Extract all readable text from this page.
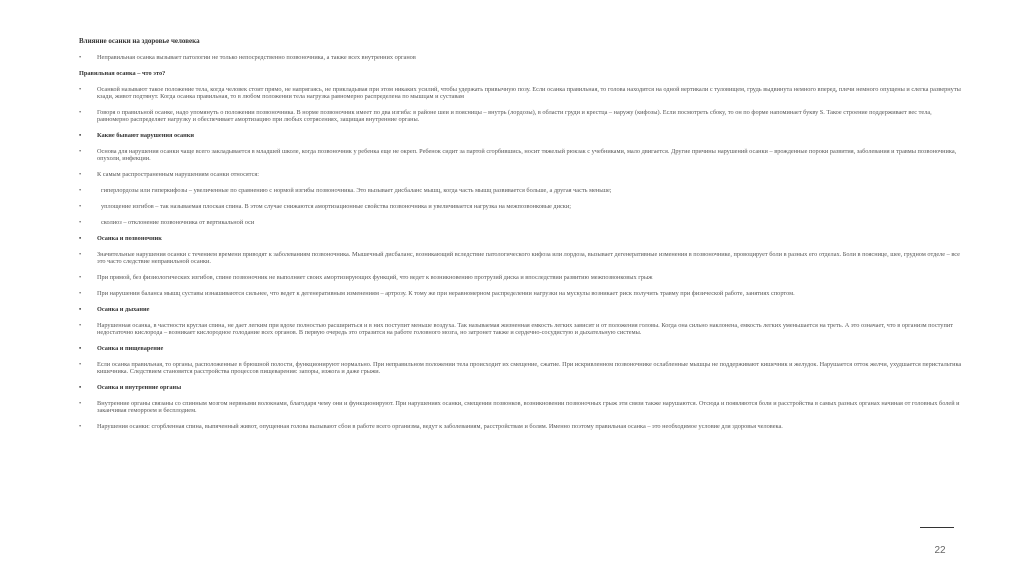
Влияние осанки на здоровье человека
•	Неправильная осанка вызывает патологии не только непосредственно позвоночника, а также всех внутренних органов
Правильная осанка – что это?
•	Осанкой называют такое положение тела, когда человек стоит прямо, не напрягаясь, не прикладывая при этом никаких усилий, чтобы удержать привычную позу. Если осанка правильная, то голова находится на одной вертикали с туловищем, грудь выдвинута немного вперед, плечи немного опущены и слегка развернуты кзади, живот подтянут. Когда осанка правильная, то в любом положении тела нагрузка равномерно распределена по мышцам и суставам
•	Говоря о правильной осанке, надо упомянуть о положении позвоночника. В норме позвоночник имеет по два изгиба: в районе шеи и поясницы – внутрь (лордозы), в области груди и крестца – наружу (кифозы). Если посмотреть сбоку, то он по форме напоминает букву S. Такое строение поддерживает вес тела, равномерно распределяет нагрузку и обеспечивает амортизацию при любых сотрясениях, защищая внутренние органы.
•	Какие бывают нарушения осанки
•	Основа для нарушения осанки чаще всего закладывается в младшей школе, когда позвоночник у ребенка еще не окреп. Ребенок сидит за партой сгорбившись, носит тяжелый рюкзак с учебниками, мало двигается. Другие причины нарушений осанки – врожденные пороки развития, заболевания и травмы позвоночника, опухоли, инфекции.
•	К самым распространенным нарушениям осанки относятся:
•	гиперлордозы или гиперкифозы – увеличенные по сравнению с нормой изгибы позвоночника. Это вызывает дисбаланс мышц, когда часть мышц развивается больше, а другая часть меньше;
•	уплощение изгибов – так называемая плоская спина. В этом случае снижаются амортизационные свойства позвоночника и увеличивается нагрузка на межпозвонковые диски;
•	сколиоз – отклонение позвоночника от вертикальной оси
•	Осанка и позвоночник
•	Значительные нарушения осанки с течением времени приводят к заболеваниям позвоночника. Мышечный дисбаланс, возникающий вследствие патологического кифоза или лордоза, вызывает дегенеративные изменения в позвоночнике, провоцирует боли в разных его отделах. Боли в пояснице, шее, грудном отделе – все это часто следствие неправильной осанки.
•	При прямой, без физиологических изгибов, спине позвоночник не выполняет своих амортизирующих функций, что ведет к возникновению протрузий диска и впоследствии развитию межпозвонковых грыж
•	При нарушении баланса мышц суставы изнашиваются сильнее, что ведет к дегенеративным изменениям – артрозу. К тому же при неравномерном распределении нагрузки на мускулы возникает риск получить травму при физической работе, занятиях спортом.
•	Осанка и дыхание
•	Нарушенная осанка, в частности круглая спина, не дает легким при вдохе полностью расшириться и в них поступит меньше воздуха. Так называемая жизненная емкость легких зависит и от положения головы. Когда она сильно наклонена, емкость легких уменьшается на треть. А это означает, что в организм поступит недостаточно кислорода – возникает кислородное голодание всех органов. В первую очередь это отразится на работе головного мозга, но затронет также и сердечно-сосудистую и дыхательную системы.
•	Осанка и пищеварение
•	Если осанка правильная, то органы, расположенные в брюшной полости, функционируют нормально. При неправильном положении тела происходит их смещение, сжатие. При искривленном позвоночнике ослабленные мышцы не поддерживают кишечник и желудок. Нарушается отток желчи, ухудшается перистальтика кишечника. Следствием становятся расстройства процессов пищеварения: запоры, изжога и даже грыжи.
•	Осанка и внутренние органы
•	Внутренние органы связаны со спинным мозгом нервными волокнами, благодаря чему они и функционируют. При нарушениях осанки, смещении позвонков, возникновении позвоночных грыж эти связи также нарушаются. Отсюда и появляются боли и расстройства в самых разных органах начиная от головных болей и заканчивая геморроем и бесплодием.
•	Нарушения осанки: сгорбленная спина, выпяченный живот, опущенная голова вызывают сбои в работе всего организма, ведут к заболеваниям, расстройствам и болям. Именно поэтому правильная осанка – это необходимое условие для здоровья человека.
22
